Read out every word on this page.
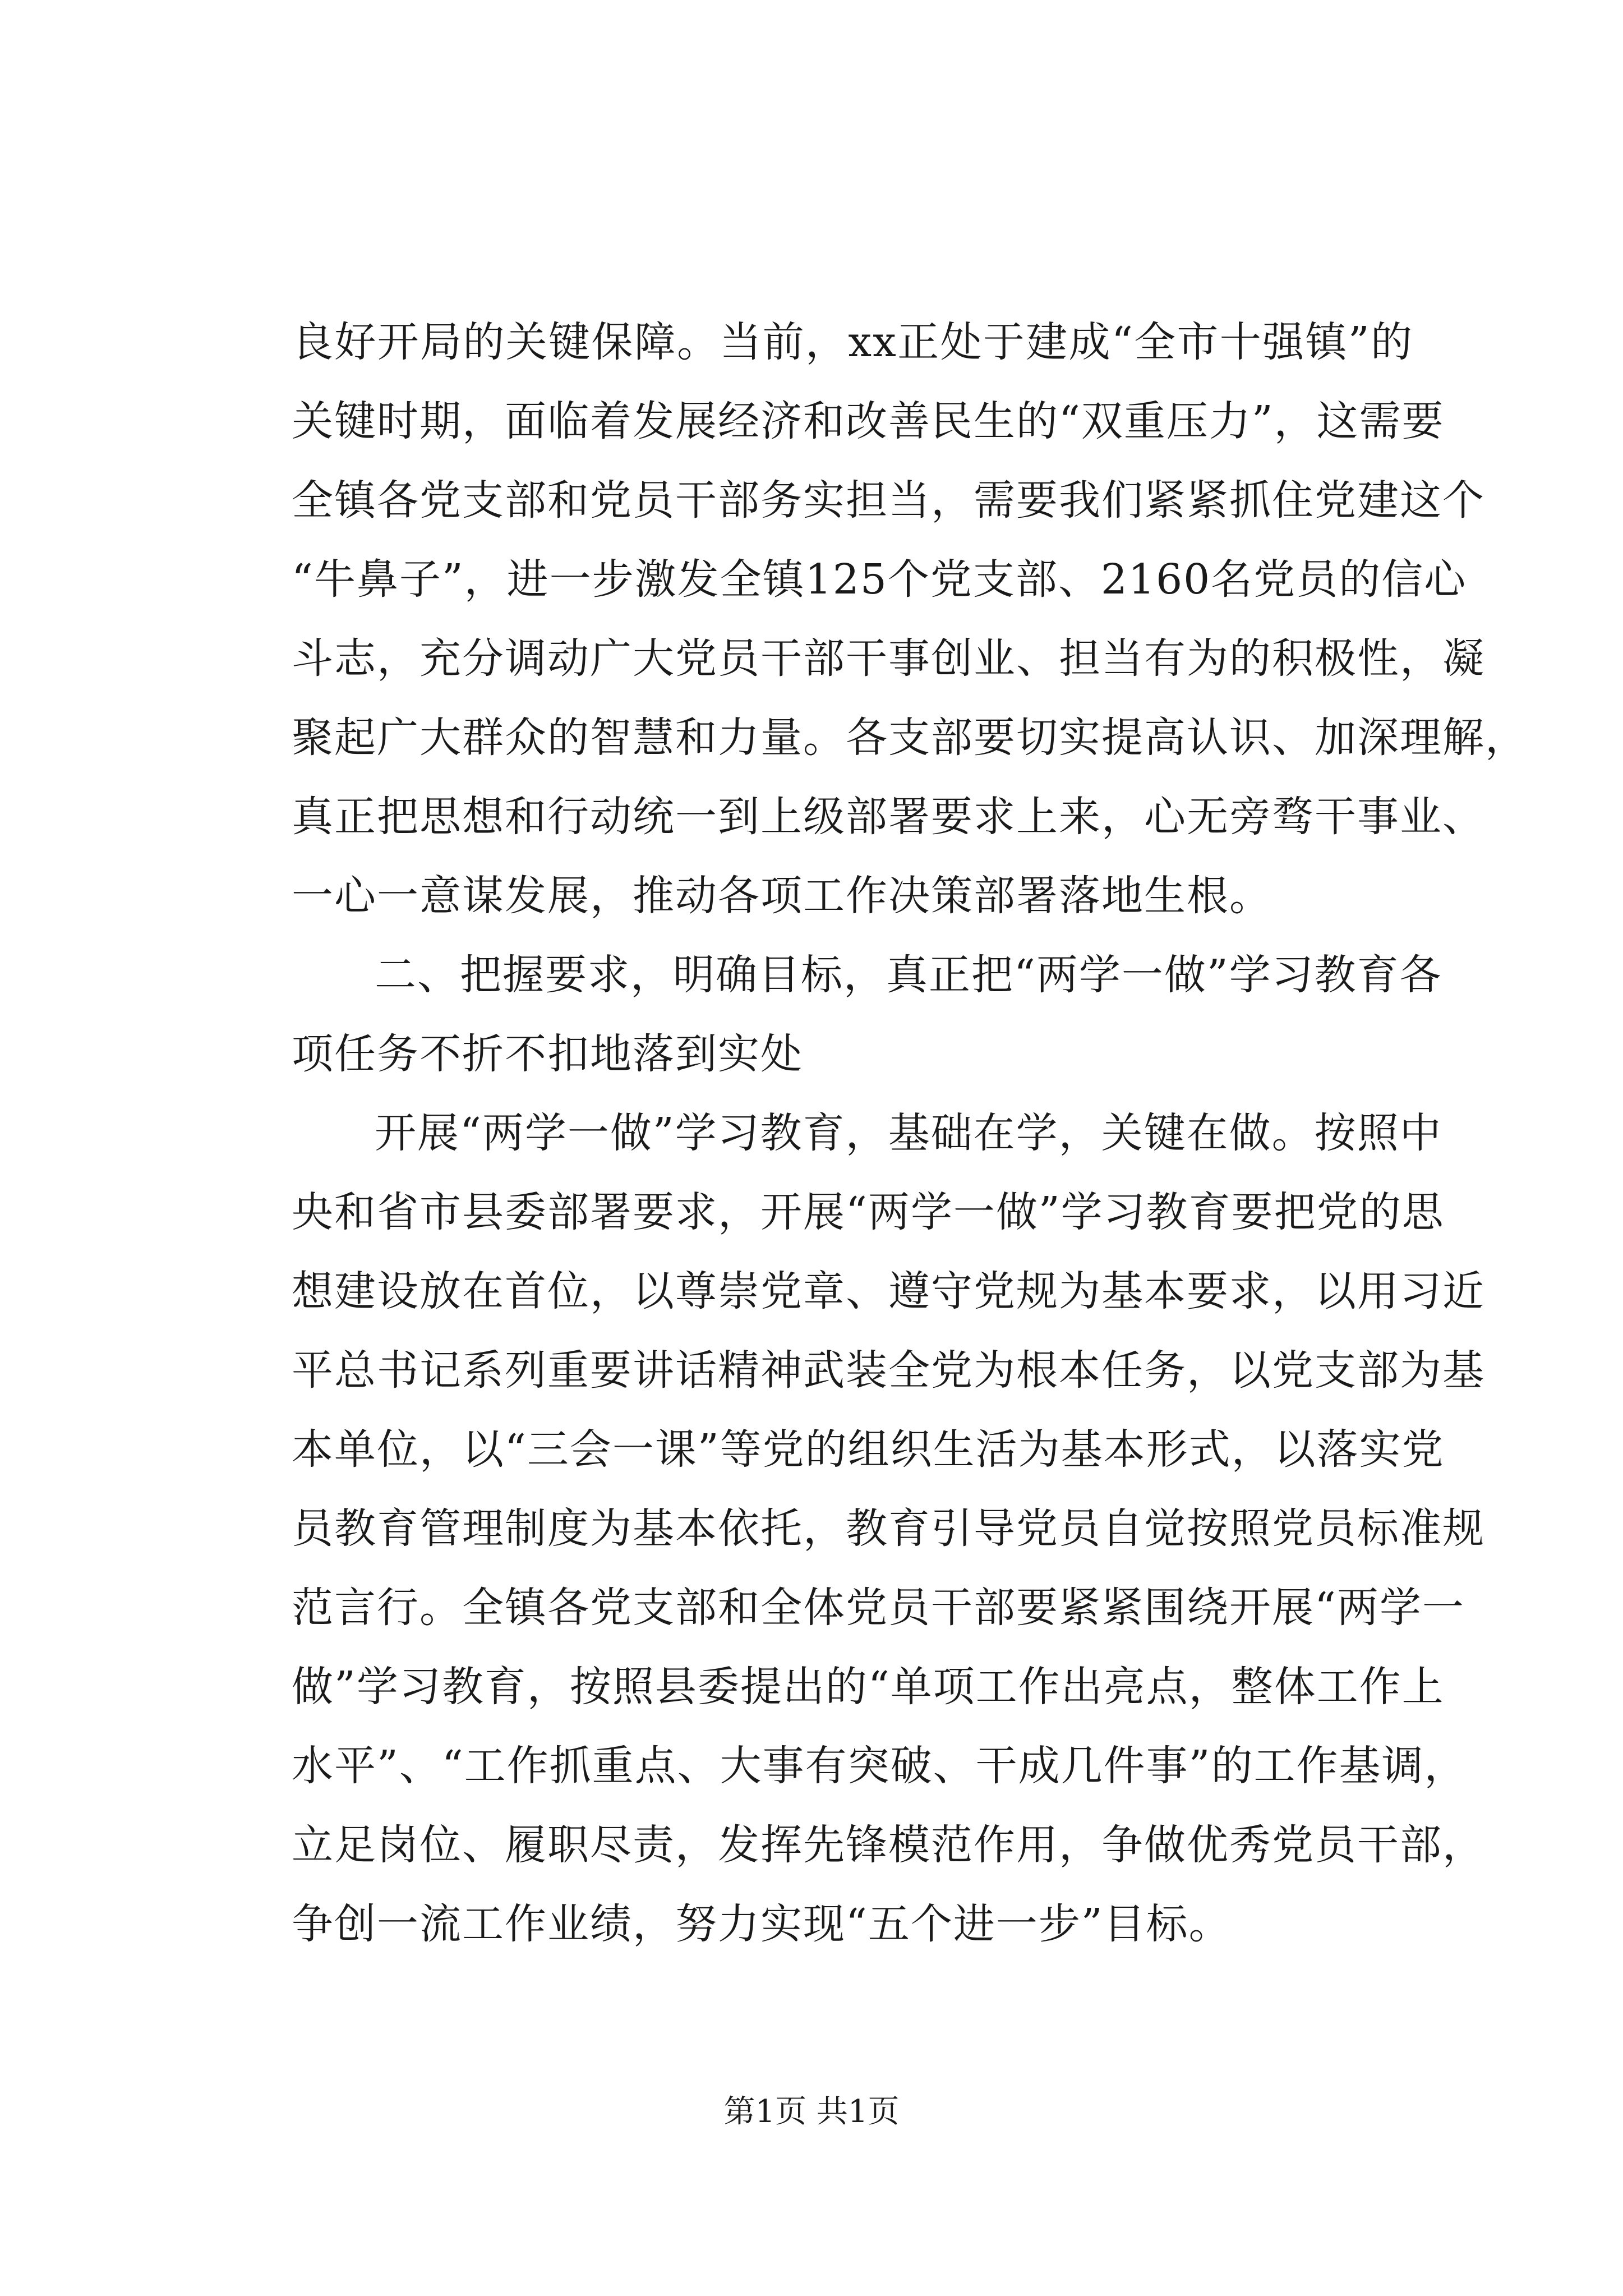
良好开局的关键保障。当前，xx正处于建成“全市十强镇”的
关键时期，面临着发展经济和改善民生的“双重压力”，这需要
全镇各党支部和党员干部务实担当，需要我们紧紧抓住党建这个
“牛鼻子”，进一步激发全镇125个党支部、2160名党员的信心
斗志，充分调动广大党员干部干事创业、担当有为的积极性，凝
聚起广大群众的智慧和力量。各支部要切实提高认识、加深理解，
真正把思想和行动统一到上级部署要求上来，心无旁骛干事业、
一心一意谋发展，推动各项工作决策部署落地生根。
二、把握要求，明确目标，真正把“两学一做”学习教育各
项任务不折不扣地落到实处
开展“两学一做”学习教育，基础在学，关键在做。按照中
央和省市县委部署要求，开展“两学一做”学习教育要把党的思
想建设放在首位，以尊崇党章、遵守党规为基本要求，以用习近
平总书记系列重要讲话精神武装全党为根本任务，以党支部为基
本单位，以“三会一课”等党的组织生活为基本形式，以落实党
员教育管理制度为基本依托，教育引导党员自觉按照党员标准规
范言行。全镇各党支部和全体党员干部要紧紧围绕开展“两学一
做”学习教育，按照县委提出的“单项工作出亮点，整体工作上
水平”、“工作抓重点、大事有突破、干成几件事”的工作基调，
立足岗位、履职尽责，发挥先锋模范作用，争做优秀党员干部，
争创一流工作业绩，努力实现“五个进一步”目标。
第1页 共1页
